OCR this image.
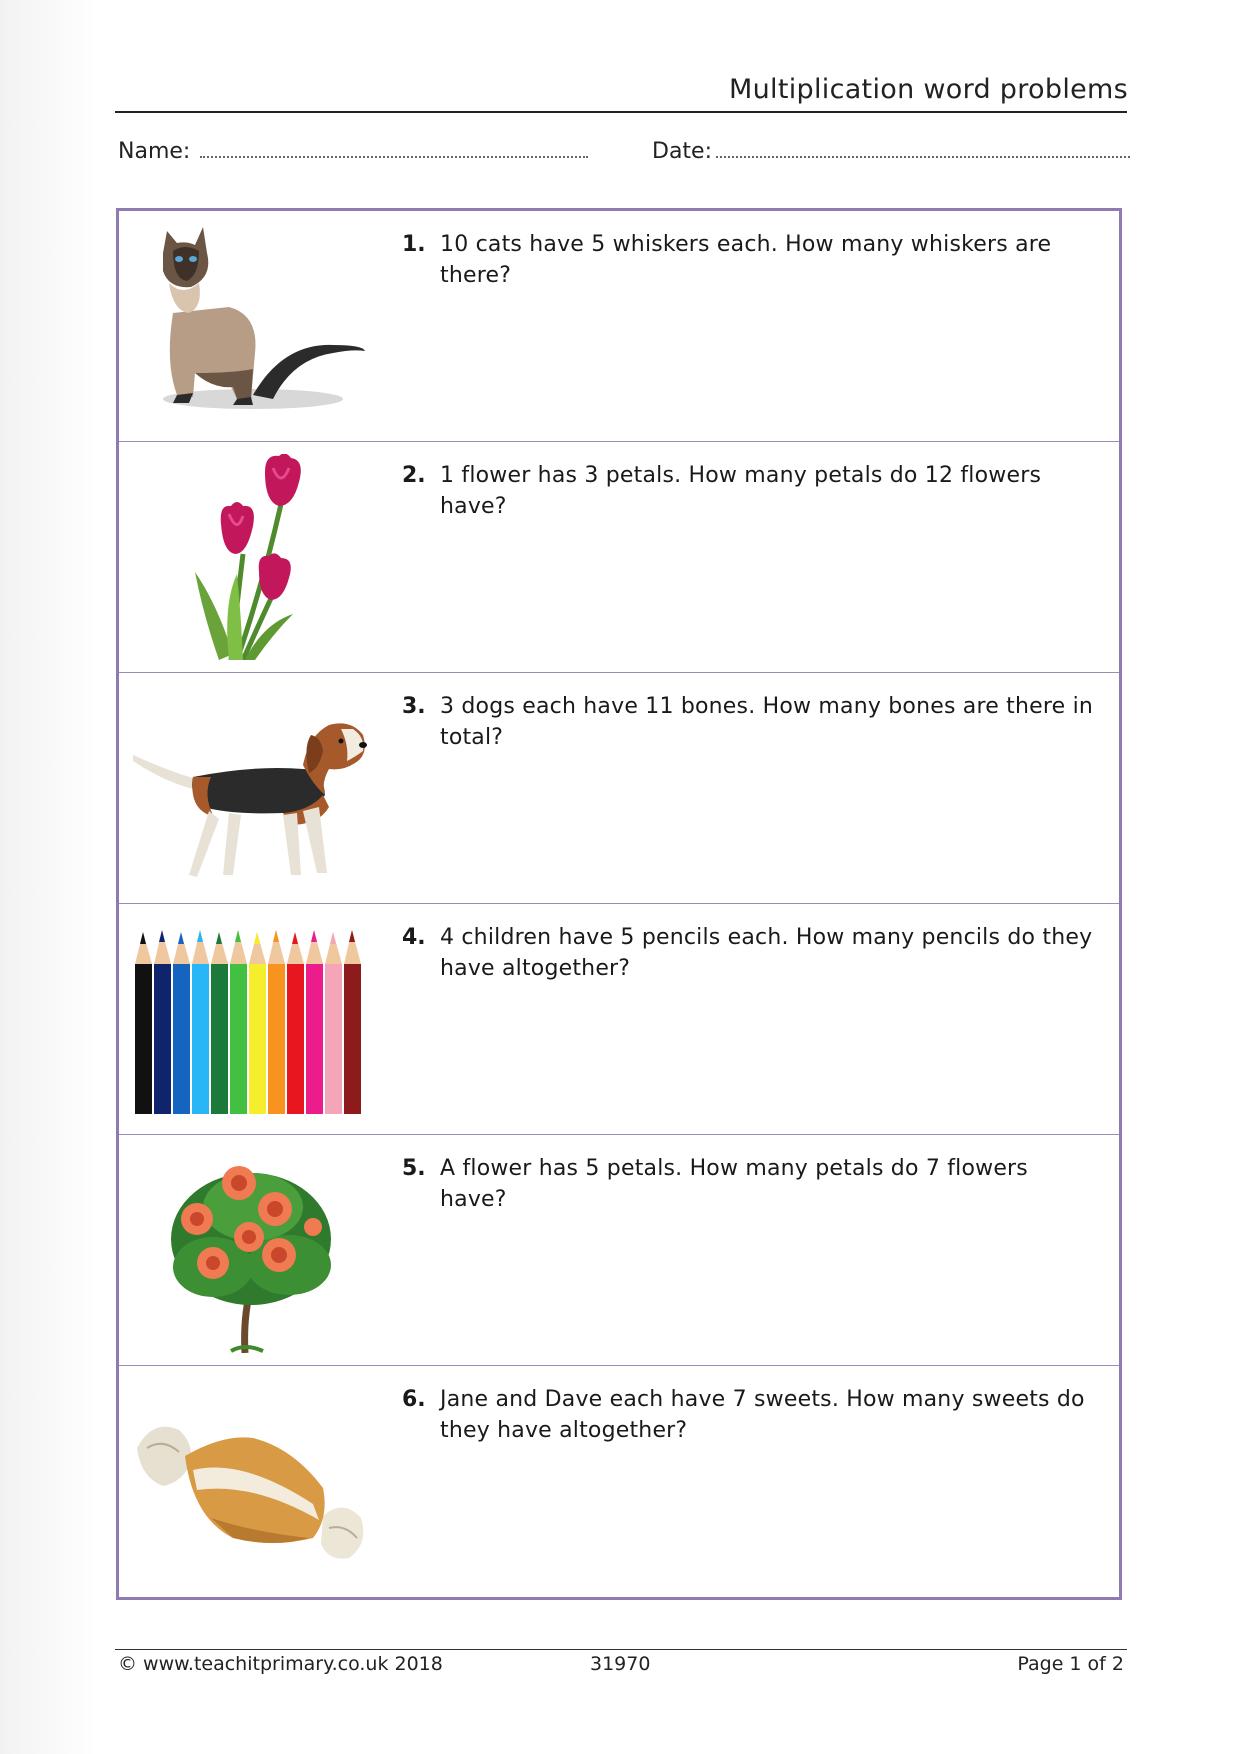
Multiplication word problems
Name:	Date:
1. 10 cats have 5 whiskers each. How many whiskers are there?
2. 1 flower has 3 petals. How many petals do 12 flowers have?
3. 3 dogs each have 11 bones. How many bones are there in total?
4. 4 children have 5 pencils each. How many pencils do they have altogether?
5. A flower has 5 petals. How many petals do 7 flowers have?
6. Jane and Dave each have 7 sweets. How many sweets do they have altogether?
© www.teachitprimary.co.uk 2018	31970	Page 1 of 2
